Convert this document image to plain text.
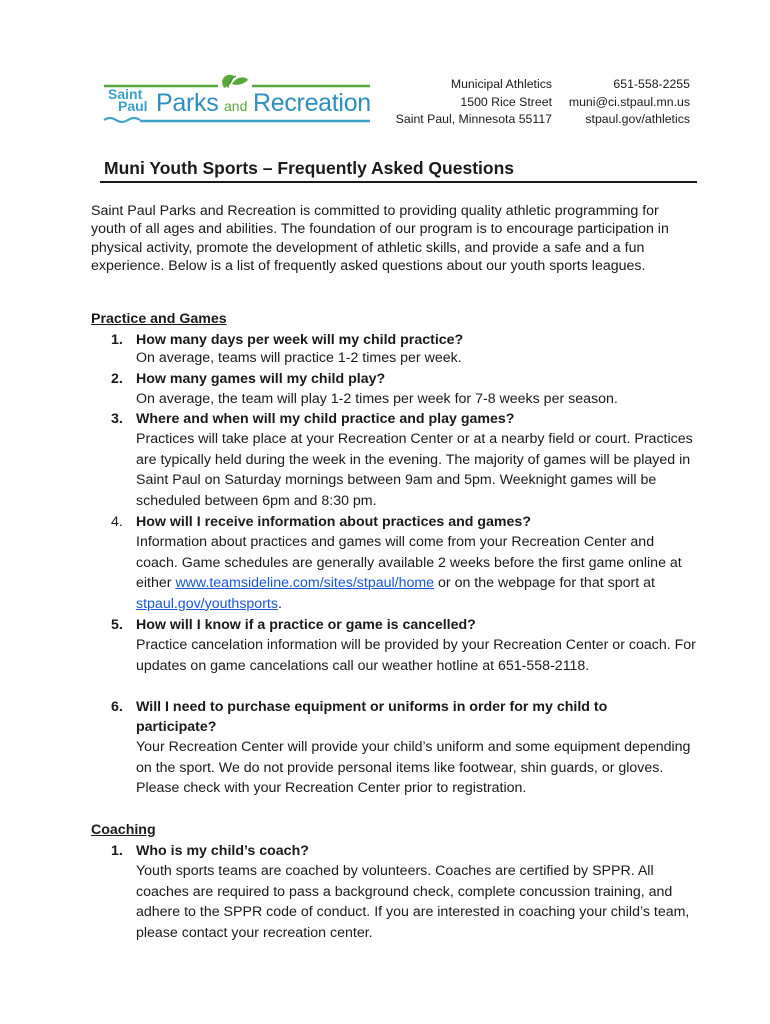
Saint
Paul Parks and Recreation
Municipal Athletics
1500 Rice Street
Saint Paul, Minnesota 55117
651-558-2255
muni@ci.stpaul.mn.us
stpaul.gov/athletics
Muni Youth Sports – Frequently Asked Questions

Saint Paul Parks and Recreation is committed to providing quality athletic programming for youth of all ages and abilities. The foundation of our program is to encourage participation in physical activity, promote the development of athletic skills, and provide a safe and a fun experience. Below is a list of frequently asked questions about our youth sports leagues.

Practice and Games
1. How many days per week will my child practice?

On average, teams will practice 1-2 times per week.

2. How many games will my child play?

On average, the team will play 1-2 times per week for 7-8 weeks per season.

3. Where and when will my child practice and play games?

Practices will take place at your Recreation Center or at a nearby field or court. Practices are typically held during the week in the evening. The majority of games will be played in Saint Paul on Saturday mornings between 9am and 5pm. Weeknight games will be scheduled between 6pm and 8:30 pm.

4. How will I receive information about practices and games?

Information about practices and games will come from your Recreation Center and coach. Game schedules are generally available 2 weeks before the first game online at either www.teamsideline.com/sites/stpaul/home or on the webpage for that sport at stpaul.gov/youthsports.

5. How will I know if a practice or game is cancelled?

Practice cancelation information will be provided by your Recreation Center or coach. For updates on game cancelations call our weather hotline at 651-558-2118.

6. Will I need to purchase equipment or uniforms in order for my child to
participate?

Your Recreation Center will provide your child’s uniform and some equipment depending on the sport. We do not provide personal items like footwear, shin guards, or gloves. Please check with your Recreation Center prior to registration.

Coaching
1. Who is my child’s coach?

Youth sports teams are coached by volunteers. Coaches are certified by SPPR. All coaches are required to pass a background check, complete concussion training, and adhere to the SPPR code of conduct. If you are interested in coaching your child’s team, please contact your recreation center.
